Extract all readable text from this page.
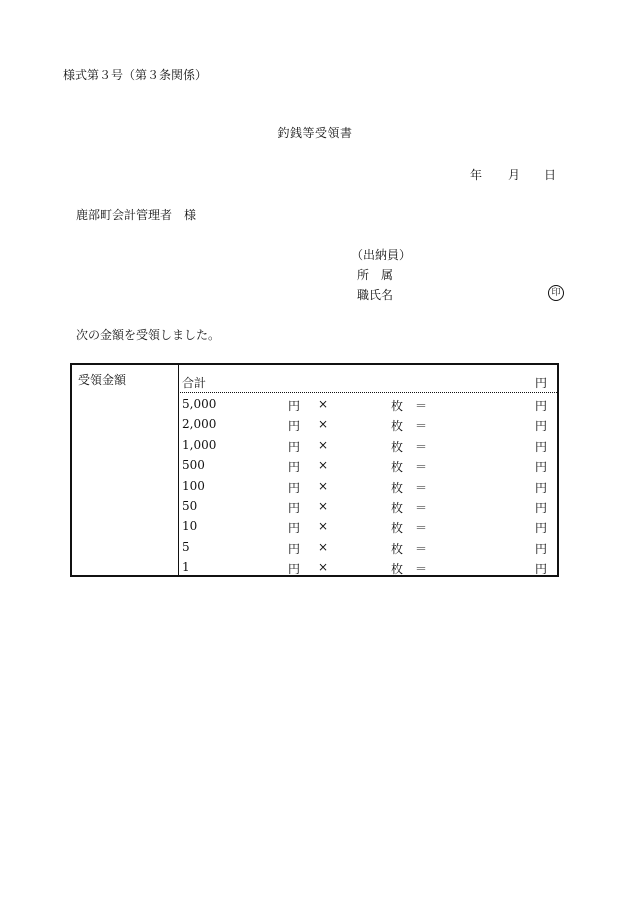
様式第３号（第３条関係）
釣銭等受領書
年 月 日
鹿部町会計管理者　様
（出納員）
所　属
職氏名	印
次の金額を受領しました。
受領金額	合計	円
5,000	円 ×	枚 ＝	円
2,000	円 ×	枚 ＝	円
1,000	円 ×	枚 ＝	円
500	円 ×	枚 ＝	円
100	円 ×	枚 ＝	円
50	円 ×	枚 ＝	円
10	円 ×	枚 ＝	円
5	円 ×	枚 ＝	円
1	円 ×	枚 ＝	円
